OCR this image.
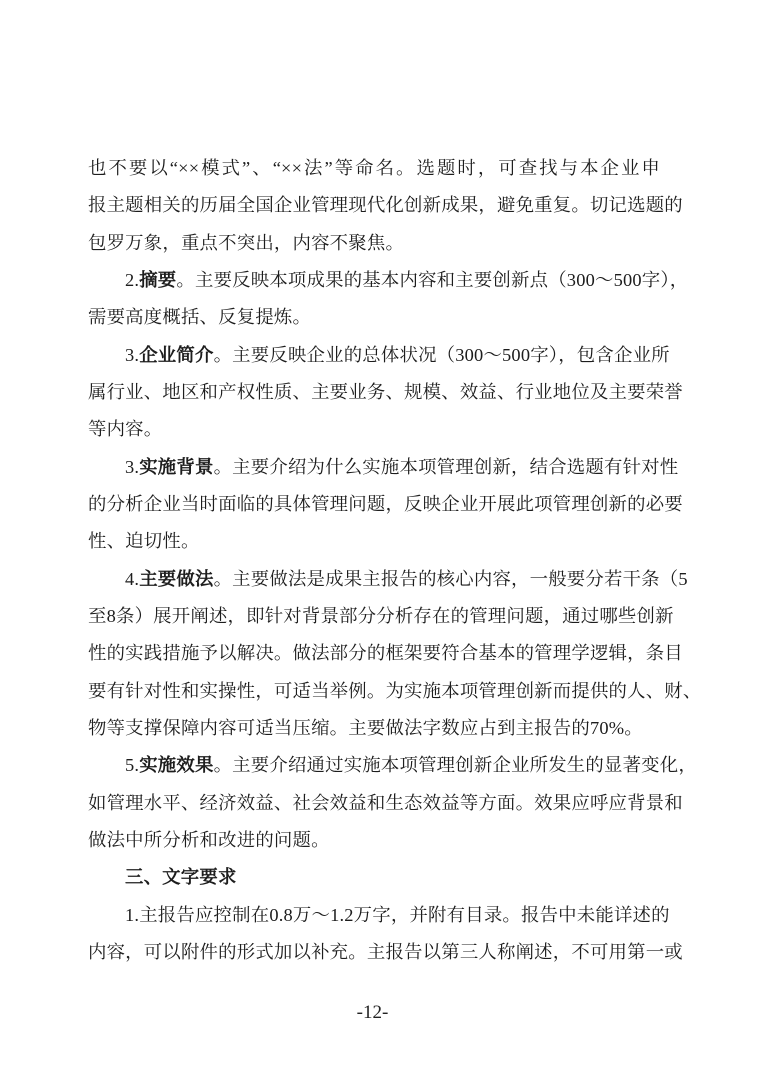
也不要以“××模式”、“××法”等命名。选题时，可查找与本企业申
报主题相关的历届全国企业管理现代化创新成果，避免重复。切记选题的
包罗万象，重点不突出，内容不聚焦。
2.摘要。主要反映本项成果的基本内容和主要创新点（300～500字），
需要高度概括、反复提炼。
3.企业简介。主要反映企业的总体状况（300～500字），包含企业所
属行业、地区和产权性质、主要业务、规模、效益、行业地位及主要荣誉
等内容。
3.实施背景。主要介绍为什么实施本项管理创新，结合选题有针对性
的分析企业当时面临的具体管理问题，反映企业开展此项管理创新的必要
性、迫切性。
4.主要做法。主要做法是成果主报告的核心内容，一般要分若干条（5
至8条）展开阐述，即针对背景部分分析存在的管理问题，通过哪些创新
性的实践措施予以解决。做法部分的框架要符合基本的管理学逻辑，条目
要有针对性和实操性，可适当举例。为实施本项管理创新而提供的人、财、
物等支撑保障内容可适当压缩。主要做法字数应占到主报告的70%。
5.实施效果。主要介绍通过实施本项管理创新企业所发生的显著变化，
如管理水平、经济效益、社会效益和生态效益等方面。效果应呼应背景和
做法中所分析和改进的问题。
三、文字要求
1.主报告应控制在0.8万～1.2万字，并附有目录。报告中未能详述的
内容，可以附件的形式加以补充。主报告以第三人称阐述，不可用第一或
-12-
